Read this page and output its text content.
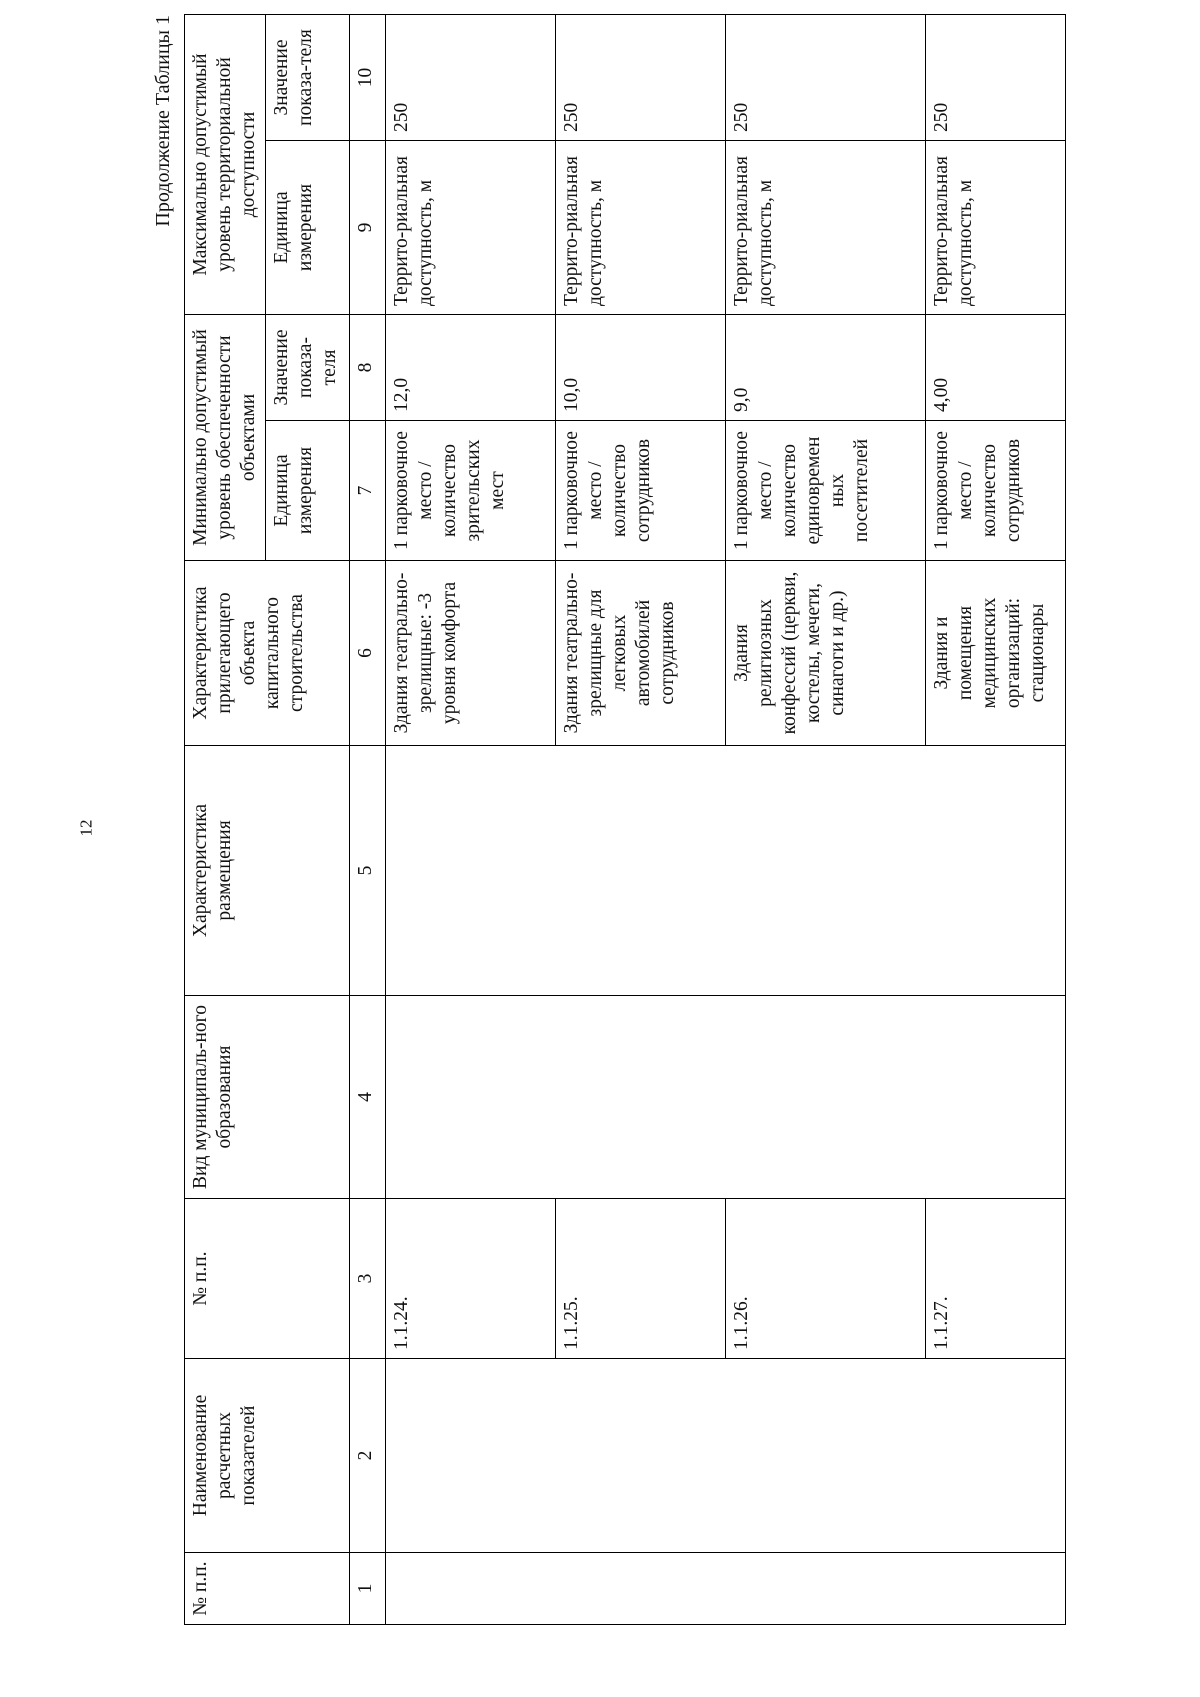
12
Продолжение Таблицы 1
№ п.п.	Наименование расчетных показателей	№ п.п.	Вид муниципаль-ного образования	Характеристика размещения	Характеристика прилегающего объекта капитального строительства	Минимально допустимый уровень обеспеченности объектами		Максимально допустимый уровень территориальной доступности	
						Единица измерения	Значение показа-теля	Единица измерения	Значение показа-теля
1	2	3	4	5	6	7	8	9	10
		1.1.24.			Здания театрально-зрелищные: -3 уровня комфорта	1 парковочное место / количество зрительских мест	12,0	Террито-риальная доступность, м	250
		1.1.25.			Здания театрально-зрелищные для легковых автомобилей сотрудников	1 парковочное место / количество сотрудников	10,0	Террито-риальная доступность, м	250
		1.1.26.			Здания религиозных конфессий (церкви, костелы, мечети, синагоги и др.)	1 парковочное место / количество единовремен ных посетителей	9,0	Террито-риальная доступность, м	250
		1.1.27.			Здания и помещения медицинских организаций: стационары	1 парковочное место / количество сотрудников	4,00	Террито-риальная доступность, м	250
